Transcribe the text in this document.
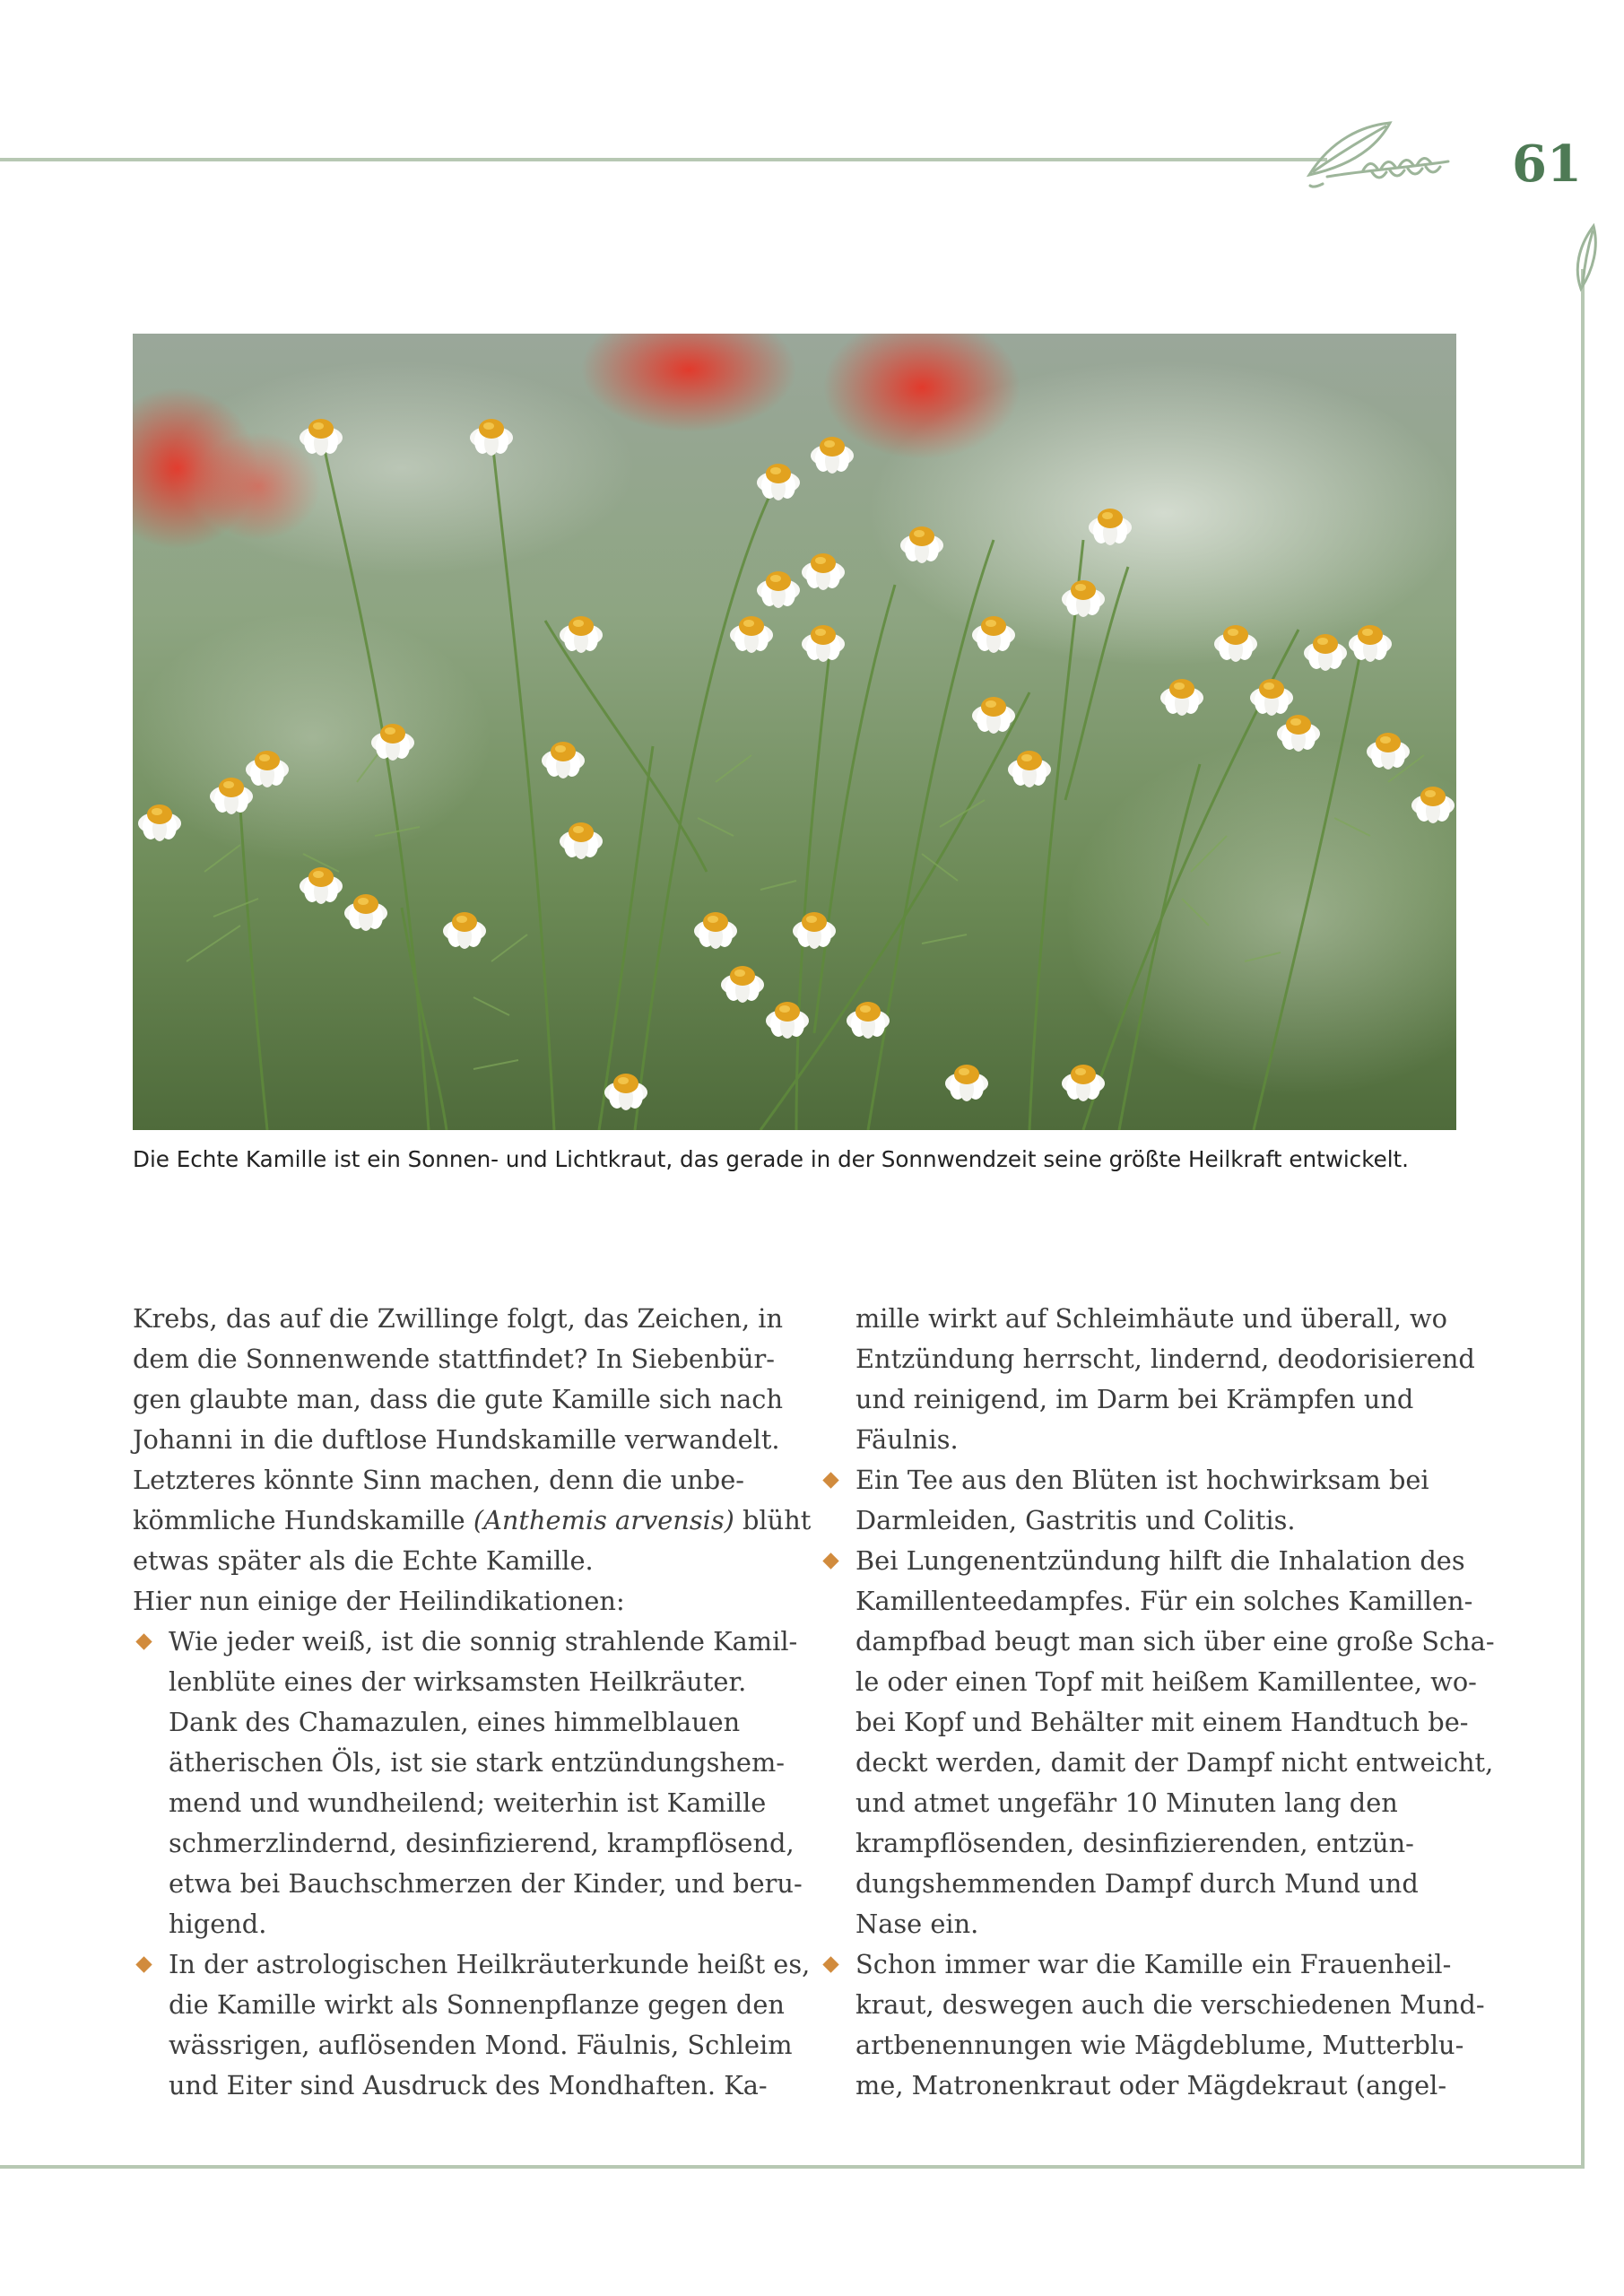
61
Die Echte Kamille ist ein Sonnen- und Lichtkraut, das gerade in der Sonnwendzeit seine größte Heilkraft entwickelt.
Krebs, das auf die Zwillinge folgt, das Zeichen, in
dem die Sonnenwende stattfindet? In Siebenbür-
gen glaubte man, dass die gute Kamille sich nach
Johanni in die duftlose Hundskamille verwandelt.
Letzteres könnte Sinn machen, denn die unbe-
kömmliche Hundskamille (Anthemis arvensis) blüht
etwas später als die Echte Kamille.
Hier nun einige der Heilindikationen:
Wie jeder weiß, ist die sonnig strahlende Kamil-
lenblüte eines der wirksamsten Heilkräuter.
Dank des Chamazulen, eines himmelblauen
ätherischen Öls, ist sie stark entzündungshem-
mend und wundheilend; weiterhin ist Kamille
schmerzlindernd, desinfizierend, krampflösend,
etwa bei Bauchschmerzen der Kinder, und beru-
higend.
In der astrologischen Heilkräuterkunde heißt es,
die Kamille wirkt als Sonnenpflanze gegen den
wässrigen, auflösenden Mond. Fäulnis, Schleim
und Eiter sind Ausdruck des Mondhaften. Ka-
mille wirkt auf Schleimhäute und überall, wo
Entzündung herrscht, lindernd, deodorisierend
und reinigend, im Darm bei Krämpfen und
Fäulnis.
Ein Tee aus den Blüten ist hochwirksam bei
Darmleiden, Gastritis und Colitis.
Bei Lungenentzündung hilft die Inhalation des
Kamillenteedampfes. Für ein solches Kamillen-
dampfbad beugt man sich über eine große Scha-
le oder einen Topf mit heißem Kamillentee, wo-
bei Kopf und Behälter mit einem Handtuch be-
deckt werden, damit der Dampf nicht entweicht,
und atmet ungefähr 10 Minuten lang den
krampflösenden, desinfizierenden, entzün-
dungshemmenden Dampf durch Mund und
Nase ein.
Schon immer war die Kamille ein Frauenheil-
kraut, deswegen auch die verschiedenen Mund-
artbenennungen wie Mägdeblume, Mutterblu-
me, Matronenkraut oder Mägdekraut (angel-
